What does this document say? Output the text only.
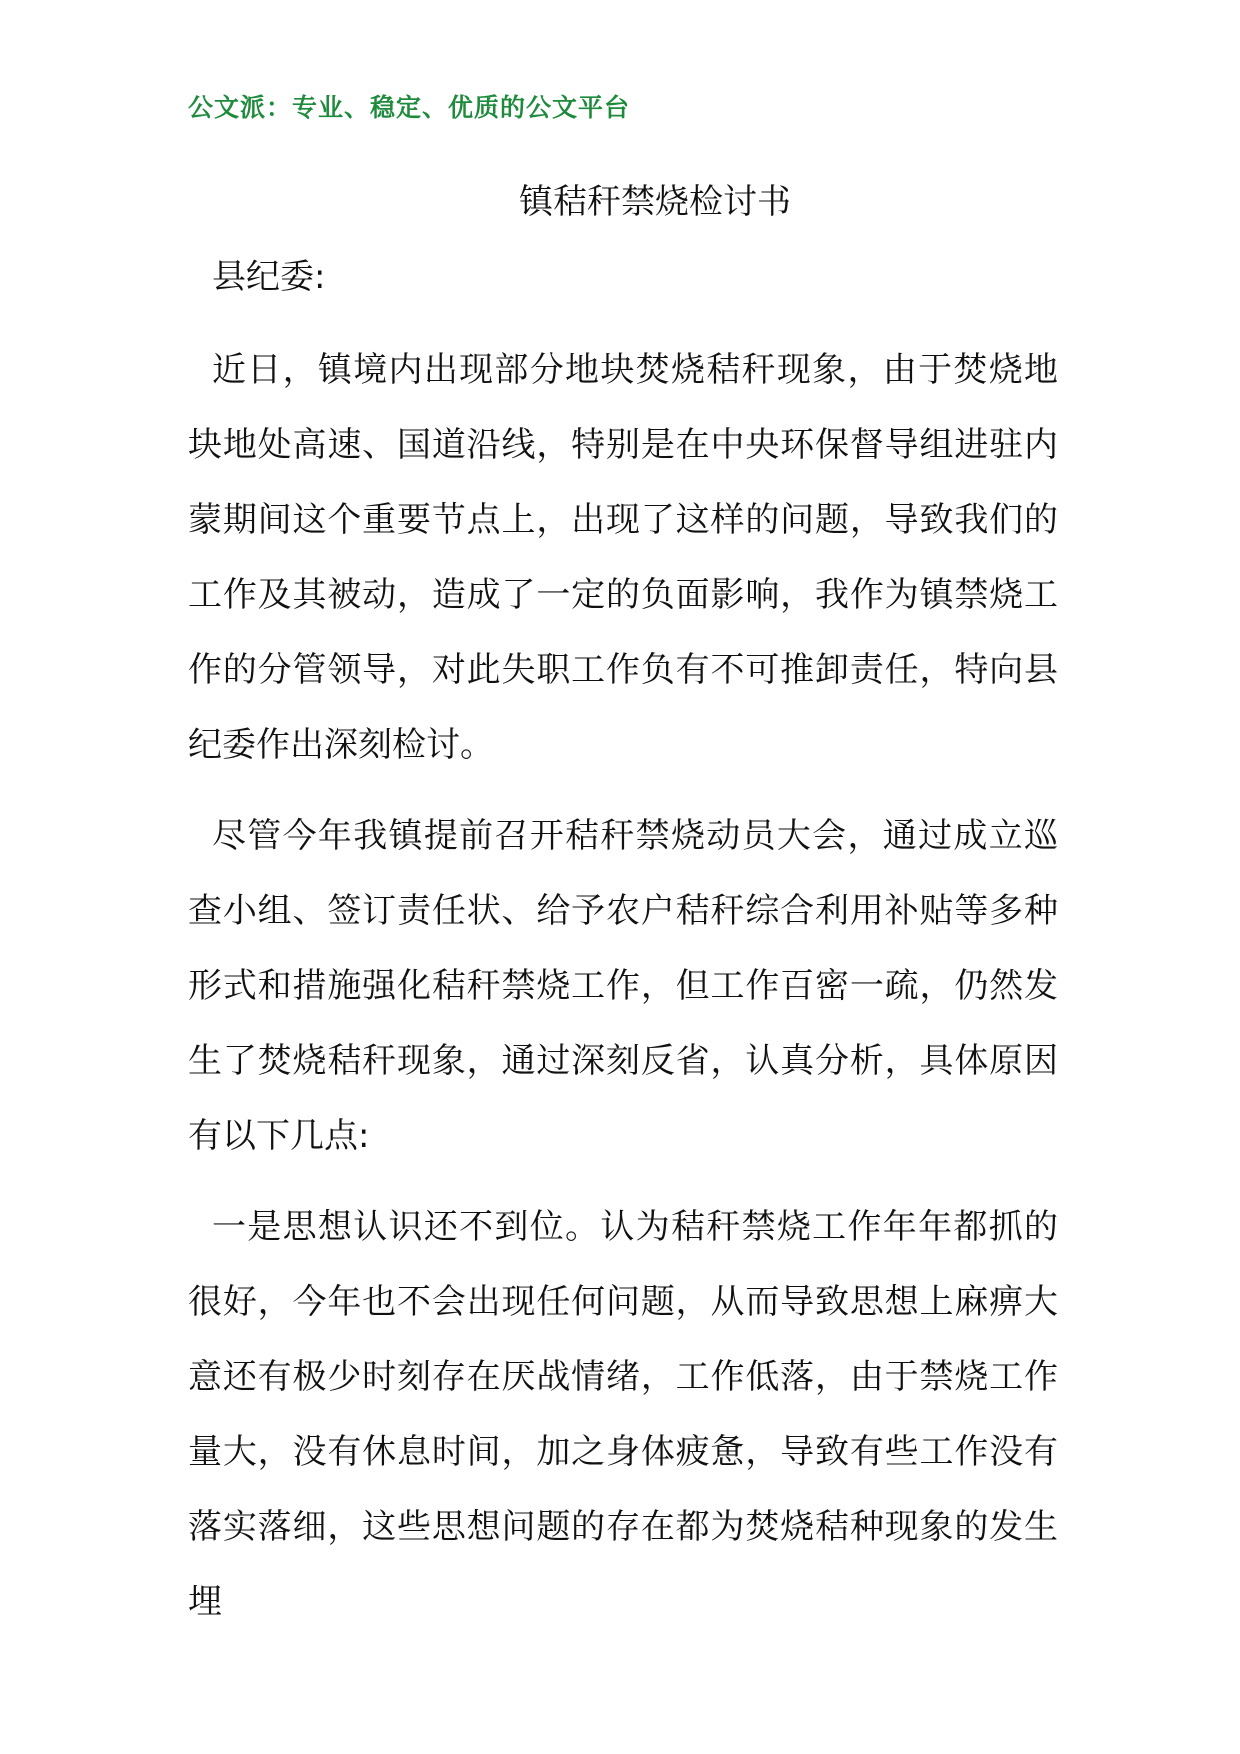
公文派：专业、稳定、优质的公文平台
镇秸秆禁烧检讨书

县纪委:

近日，镇境内出现部分地块焚烧秸秆现象，由于焚烧地块地处高速、国道沿线，特别是在中央环保督导组进驻内蒙期间这个重要节点上，出现了这样的问题，导致我们的工作及其被动，造成了一定的负面影响，我作为镇禁烧工作的分管领导，对此失职工作负有不可推卸责任，特向县纪委作出深刻检讨。

尽管今年我镇提前召开秸秆禁烧动员大会，通过成立巡查小组、签订责任状、给予农户秸秆综合利用补贴等多种形式和措施强化秸秆禁烧工作，但工作百密一疏，仍然发生了焚烧秸秆现象，通过深刻反省，认真分析，具体原因有以下几点:

一是思想认识还不到位。认为秸秆禁烧工作年年都抓的很好，今年也不会出现任何问题，从而导致思想上麻痹大意还有极少时刻存在厌战情绪，工作低落，由于禁烧工作量大，没有休息时间，加之身体疲惫，导致有些工作没有落实落细，这些思想问题的存在都为焚烧秸种现象的发生埋
